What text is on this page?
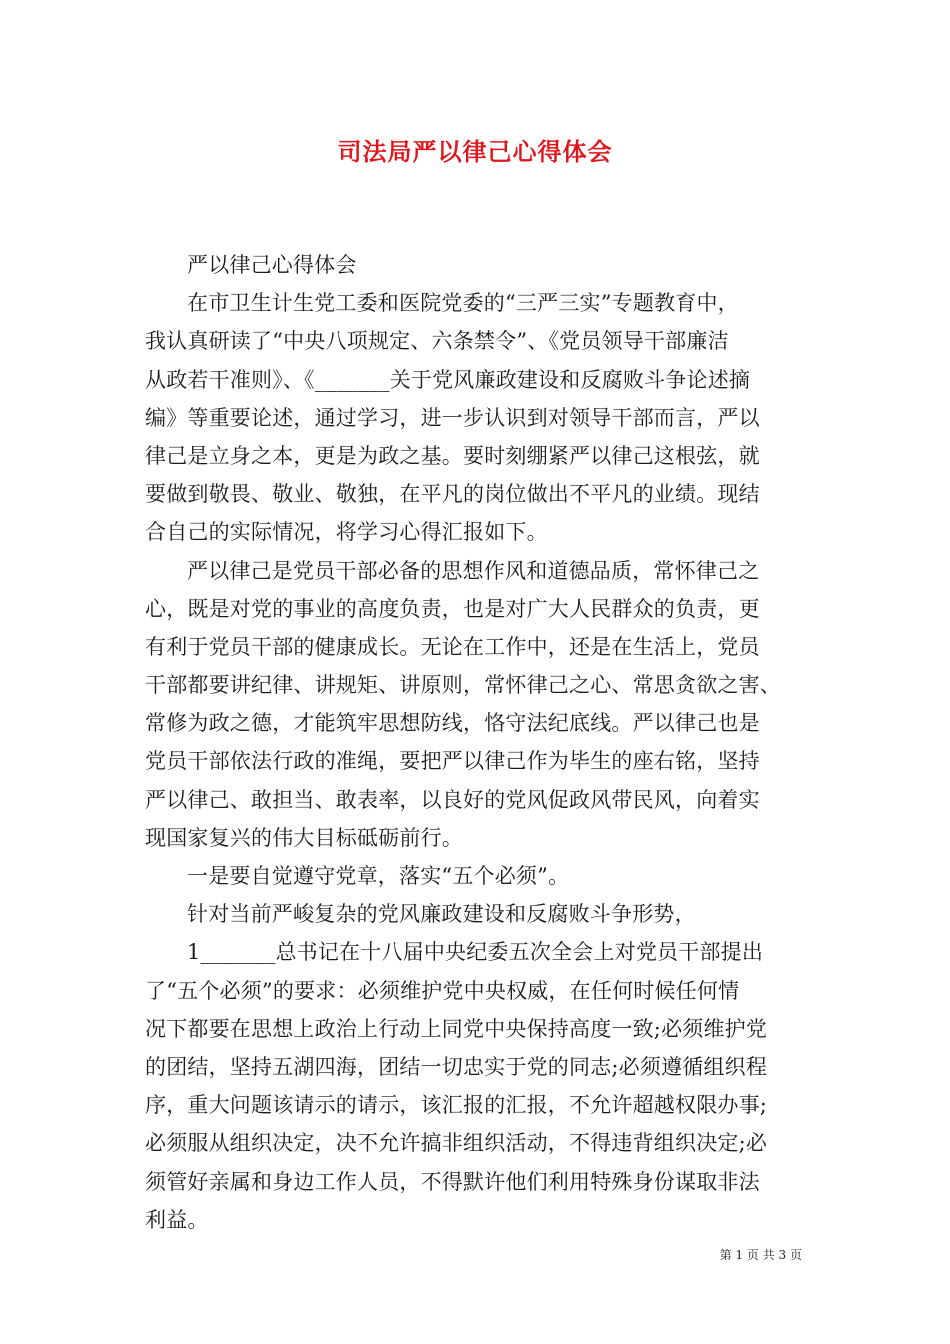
司法局严以律己心得体会
严以律己心得体会
在市卫生计生党工委和医院党委的“三严三实”专题教育中，
我认真研读了“中央八项规定、六条禁令”、《党员领导干部廉洁
从政若干准则》、《_______关于党风廉政建设和反腐败斗争论述摘
编》等重要论述，通过学习，进一步认识到对领导干部而言，严以
律己是立身之本，更是为政之基。要时刻绷紧严以律己这根弦，就
要做到敬畏、敬业、敬独，在平凡的岗位做出不平凡的业绩。现结
合自己的实际情况，将学习心得汇报如下。
严以律己是党员干部必备的思想作风和道德品质，常怀律己之
心，既是对党的事业的高度负责，也是对广大人民群众的负责，更
有利于党员干部的健康成长。无论在工作中，还是在生活上，党员
干部都要讲纪律、讲规矩、讲原则，常怀律己之心、常思贪欲之害、
常修为政之德，才能筑牢思想防线，恪守法纪底线。严以律己也是
党员干部依法行政的准绳，要把严以律己作为毕生的座右铭，坚持
严以律己、敢担当、敢表率，以良好的党风促政风带民风，向着实
现国家复兴的伟大目标砥砺前行。
一是要自觉遵守党章，落实“五个必须”。
针对当前严峻复杂的党风廉政建设和反腐败斗争形势，
1_______总书记在十八届中央纪委五次全会上对党员干部提出
了“五个必须”的要求：必须维护党中央权威，在任何时候任何情
况下都要在思想上政治上行动上同党中央保持高度一致;必须维护党
的团结，坚持五湖四海，团结一切忠实于党的同志;必须遵循组织程
序，重大问题该请示的请示，该汇报的汇报，不允许超越权限办事;
必须服从组织决定，决不允许搞非组织活动，不得违背组织决定;必
须管好亲属和身边工作人员，不得默许他们利用特殊身份谋取非法
利益。
第 1 页 共 3 页
